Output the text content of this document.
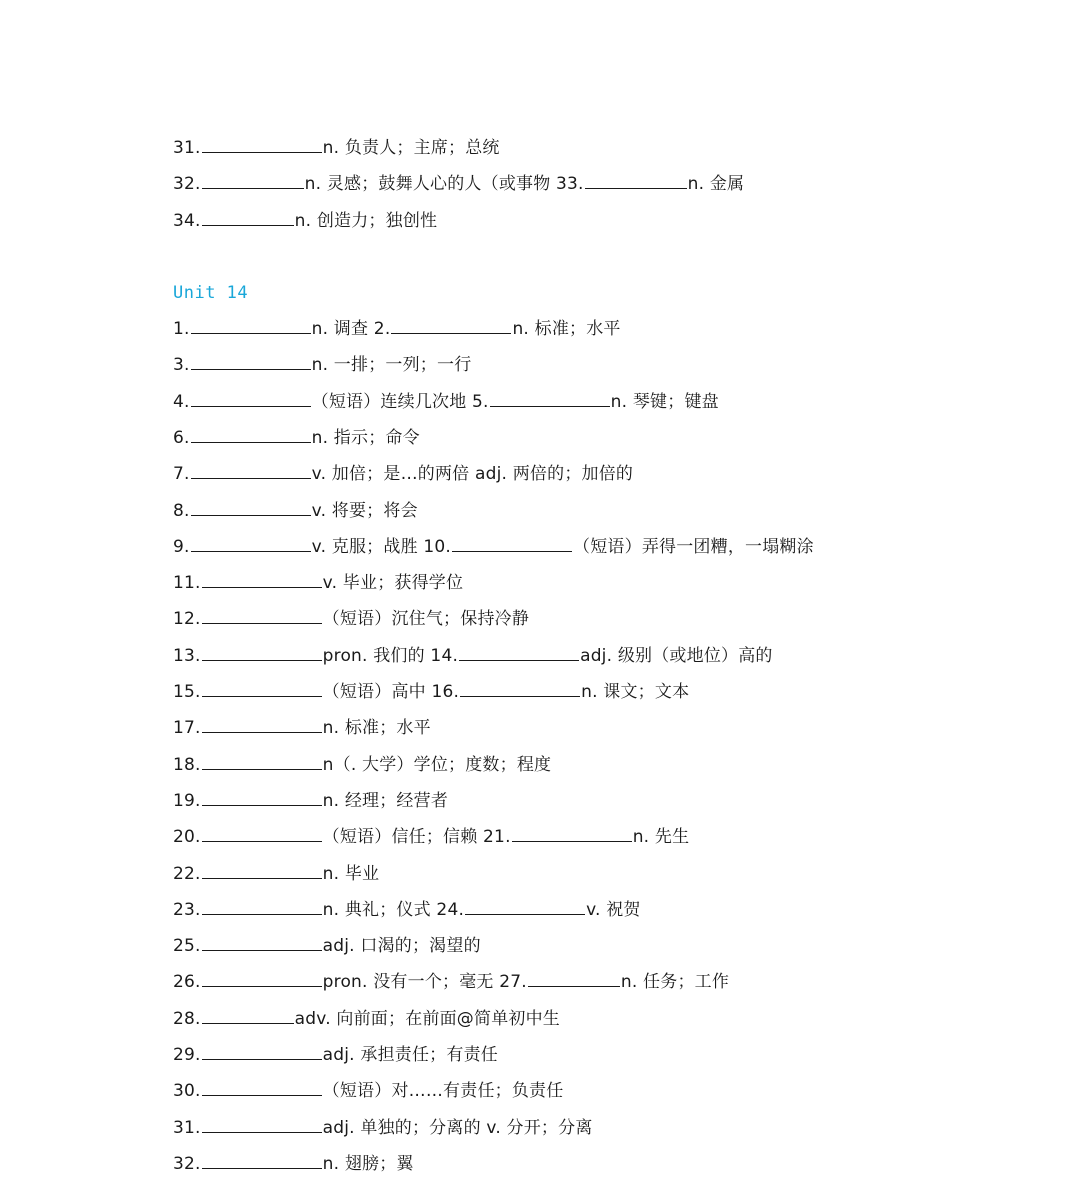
31.	n. 负责人；主席；总统
32.	n. 灵感；鼓舞人心的人（或事物 33.	n. 金属
34.	n. 创造力；独创性
Unit 14
1.	n. 调查 2.	n. 标准；水平
3.	n. 一排；一列；一行
4.	（短语）连续几次地 5.	n. 琴键；键盘
6.	n. 指示；命令
7.	v. 加倍；是…的两倍 adj. 两倍的；加倍的
8.	v. 将要；将会
9.	v. 克服；战胜 10.	（短语）弄得一团糟，一塌糊涂
11.	v. 毕业；获得学位
12.	（短语）沉住气；保持冷静
13.	pron. 我们的 14.	adj. 级别（或地位）高的
15.	（短语）高中 16.	n. 课文；文本
17.	n. 标准；水平
18.	n（. 大学）学位；度数；程度
19.	n. 经理；经营者
20.	（短语）信任；信赖 21.	n. 先生
22.	n. 毕业
23.	n. 典礼；仪式 24.	v. 祝贺
25.	adj. 口渴的；渴望的
26.	pron. 没有一个；毫无 27.	n. 任务；工作
28.	adv. 向前面；在前面@简单初中生
29.	adj. 承担责任；有责任
30.	（短语）对……有责任；负责任
31.	adj. 单独的；分离的 v. 分开；分离
32.	n. 翅膀；翼
